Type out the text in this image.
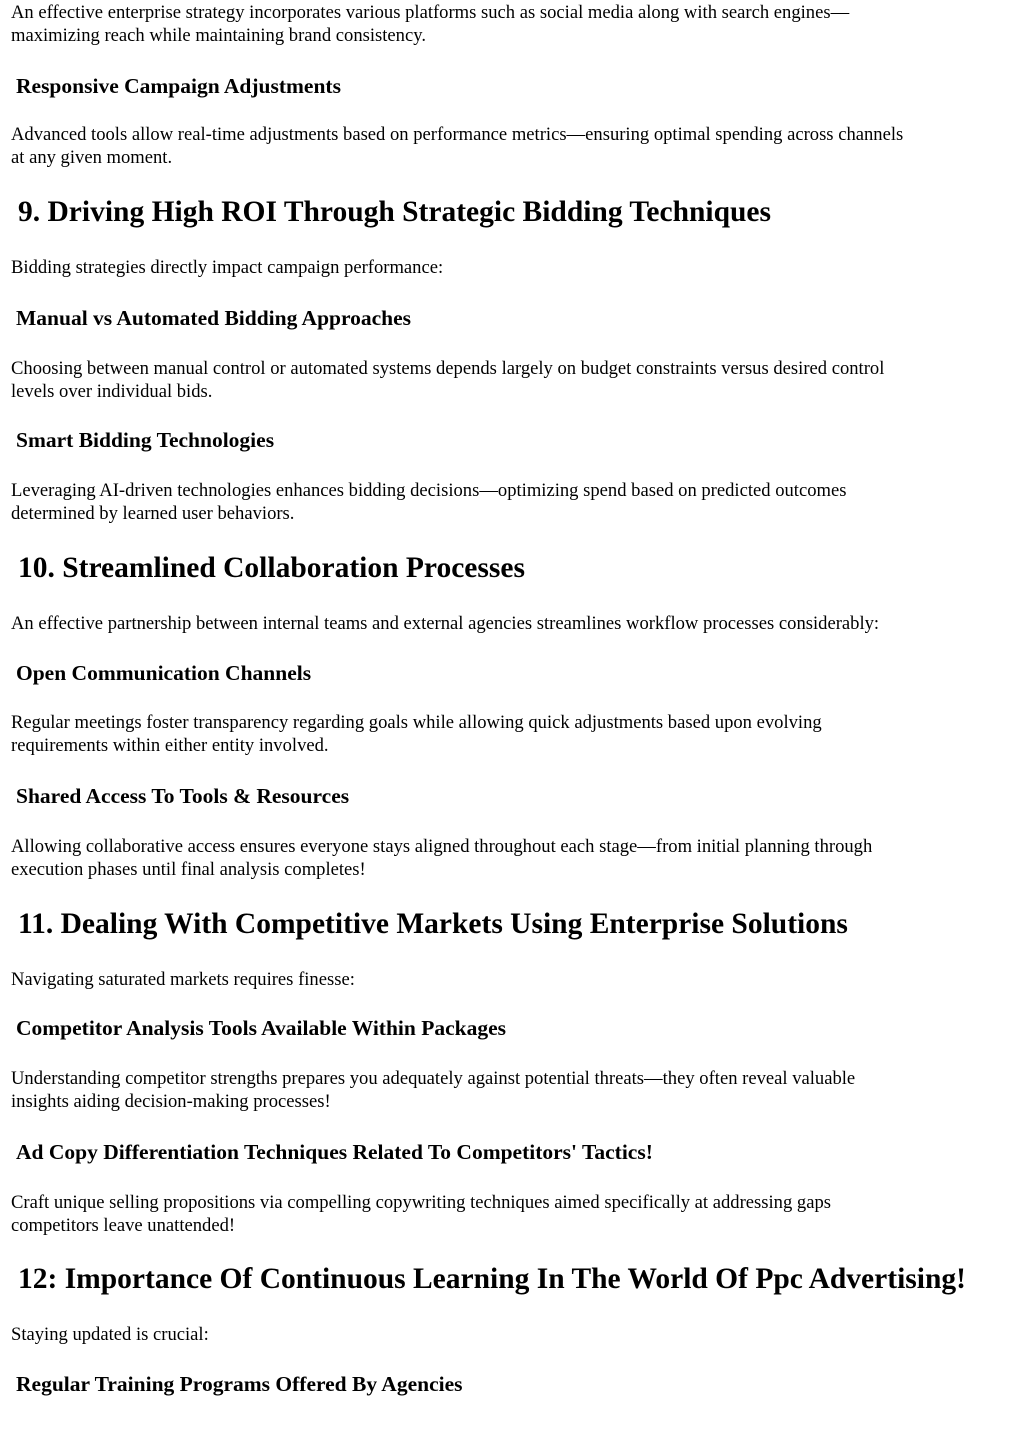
An effective enterprise strategy incorporates various platforms such as social media along with search engines—
maximizing reach while maintaining brand consistency.

Responsive Campaign Adjustments

Advanced tools allow real-time adjustments based on performance metrics—ensuring optimal spending across channels
at any given moment.

9. Driving High ROI Through Strategic Bidding Techniques

Bidding strategies directly impact campaign performance:

Manual vs Automated Bidding Approaches

Choosing between manual control or automated systems depends largely on budget constraints versus desired control
levels over individual bids.

Smart Bidding Technologies

Leveraging AI-driven technologies enhances bidding decisions—optimizing spend based on predicted outcomes
determined by learned user behaviors.

10. Streamlined Collaboration Processes

An effective partnership between internal teams and external agencies streamlines workflow processes considerably:

Open Communication Channels

Regular meetings foster transparency regarding goals while allowing quick adjustments based upon evolving
requirements within either entity involved.

Shared Access To Tools & Resources

Allowing collaborative access ensures everyone stays aligned throughout each stage—from initial planning through
execution phases until final analysis completes!

11. Dealing With Competitive Markets Using Enterprise Solutions

Navigating saturated markets requires finesse:

Competitor Analysis Tools Available Within Packages

Understanding competitor strengths prepares you adequately against potential threats—they often reveal valuable
insights aiding decision-making processes!

Ad Copy Differentiation Techniques Related To Competitors' Tactics!

Craft unique selling propositions via compelling copywriting techniques aimed specifically at addressing gaps
competitors leave unattended!

12: Importance Of Continuous Learning In The World Of Ppc Advertising!

Staying updated is crucial:

Regular Training Programs Offered By Agencies
